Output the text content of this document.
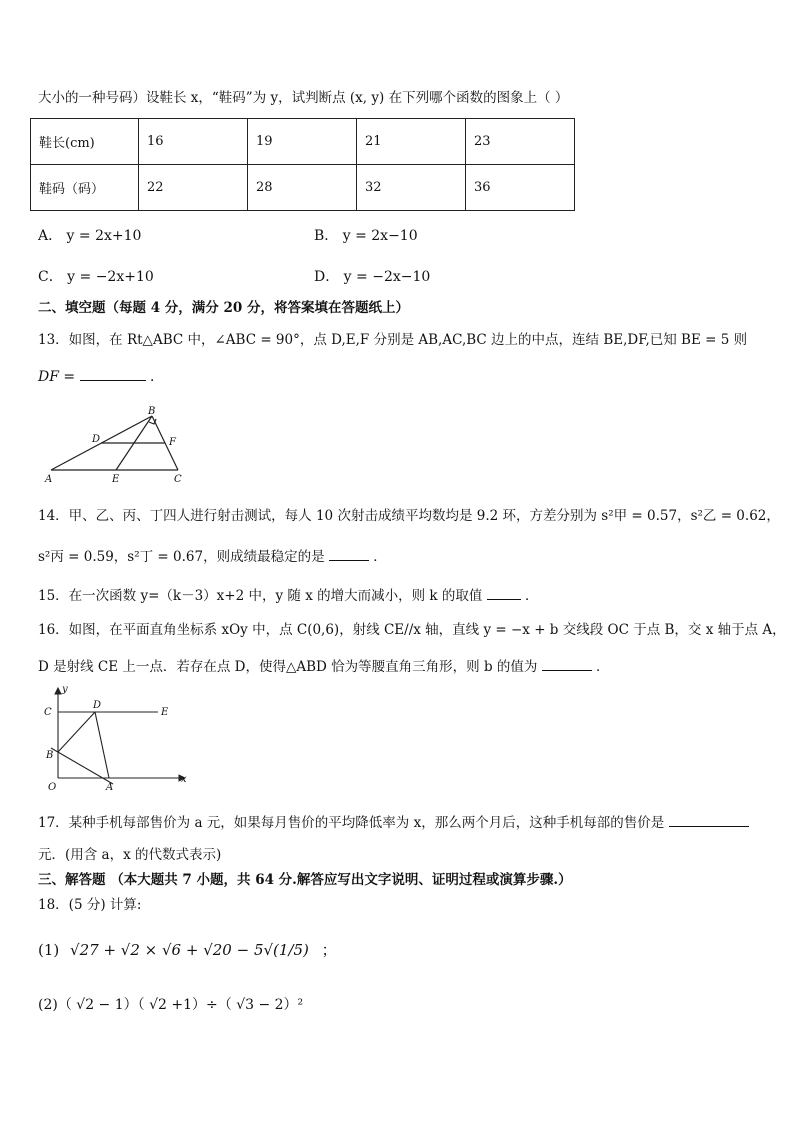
大小的一种号码）设鞋长 x，“鞋码”为 y，试判断点 (x, y) 在下列哪个函数的图象上（ ）
鞋长(cm)	16	19	21	23
鞋码（码）	22	28	32	36
A． y = 2x+10	B． y = 2x−10
C． y = −2x+10	D． y = −2x−10
二、填空题（每题 4 分，满分 20 分，将答案填在答题纸上）
13．如图，在 Rt△ABC 中，∠ABC = 90°，点 D,E,F 分别是 AB,AC,BC 边上的中点，连结 BE,DF,已知 BE = 5 则
DF =	．
B
D	F
A	E	C
14．甲、乙、丙、丁四人进行射击测试，每人 10 次射击成绩平均数均是 9.2 环，方差分别为 s²甲 = 0.57，s²乙 = 0.62，
s²丙 = 0.59，s²丁 = 0.67，则成绩最稳定的是	．
15．在一次函数 y=（k－3）x+2 中，y 随 x 的增大而减小，则 k 的取值	．
16．如图，在平面直角坐标系 xOy 中，点 C(0,6)，射线 CE//x 轴，直线 y = −x + b 交线段 OC 于点 B，交 x 轴于点 A，
D 是射线 CE 上一点．若存在点 D，使得△ABD 恰为等腰直角三角形，则 b 的值为	．
y
x
C
D
E
B
O	A
17．某种手机每部售价为 a 元，如果每月售价的平均降低率为 x，那么两个月后，这种手机每部的售价是
元．(用含 a，x 的代数式表示)
三、解答题 （本大题共 7 小题，共 64 分.解答应写出文字说明、证明过程或演算步骤.）
18．(5 分) 计算:
(1) √27 + √2 × √6 + √20 − 5√(1/5) ；
(2)（ √2 − 1）（ √2 +1）÷（ √3 − 2）²
